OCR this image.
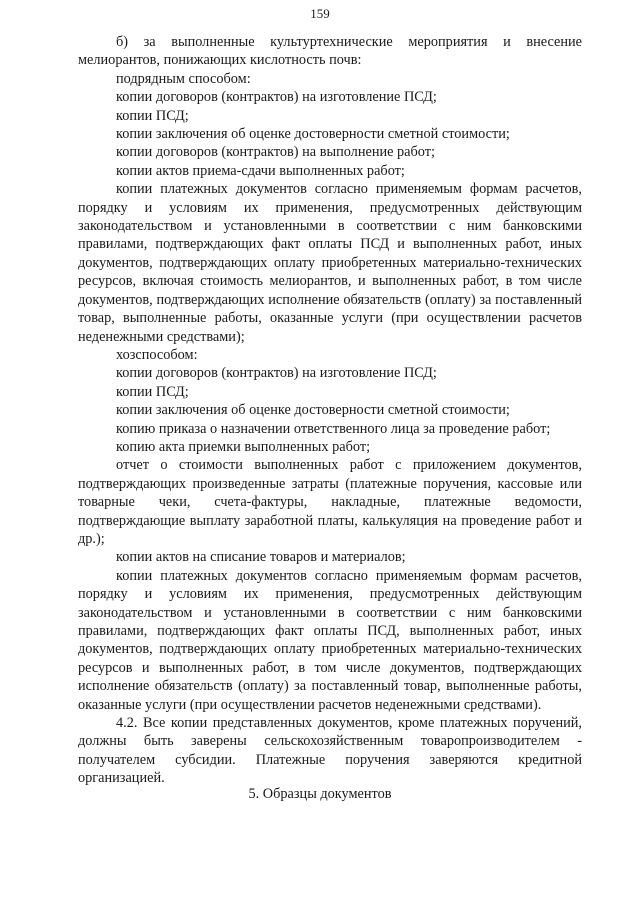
159

б) за выполненные культуртехнические мероприятия и внесение мелиорантов, понижающих кислотность почв:

подрядным способом:

копии договоров (контрактов) на изготовление ПСД;

копии ПСД;

копии заключения об оценке достоверности сметной стоимости;

копии договоров (контрактов) на выполнение работ;

копии актов приема-сдачи выполненных работ;

копии платежных документов согласно применяемым формам расчетов, порядку и условиям их применения, предусмотренных действующим законодательством и установленными в соответствии с ним банковскими правилами, подтверждающих факт оплаты ПСД и выполненных работ, иных документов, подтверждающих оплату приобретенных материально-технических ресурсов, включая стоимость мелиорантов, и выполненных работ, в том числе документов, подтверждающих исполнение обязательств (оплату) за поставленный товар, выполненные работы, оказанные услуги (при осуществлении расчетов неденежными средствами);

хозспособом:

копии договоров (контрактов) на изготовление ПСД;

копии ПСД;

копии заключения об оценке достоверности сметной стоимости;

копию приказа о назначении ответственного лица за проведение работ;

копию акта приемки выполненных работ;

отчет о стоимости выполненных работ с приложением документов, подтверждающих произведенные затраты (платежные поручения, кассовые или товарные чеки, счета-фактуры, накладные, платежные ведомости, подтверждающие выплату заработной платы, калькуляция на проведение работ и др.);

копии актов на списание товаров и материалов;

копии платежных документов согласно применяемым формам расчетов, порядку и условиям их применения, предусмотренных действующим законодательством и установленными в соответствии с ним банковскими правилами, подтверждающих факт оплаты ПСД, выполненных работ, иных документов, подтверждающих оплату приобретенных материально-технических ресурсов и выполненных работ, в том числе документов, подтверждающих исполнение обязательств (оплату) за поставленный товар, выполненные работы, оказанные услуги (при осуществлении расчетов неденежными средствами).

4.2. Все копии представленных документов, кроме платежных поручений, должны быть заверены сельскохозяйственным товаропроизводителем - получателем субсидии. Платежные поручения заверяются кредитной организацией.

5. Образцы документов
